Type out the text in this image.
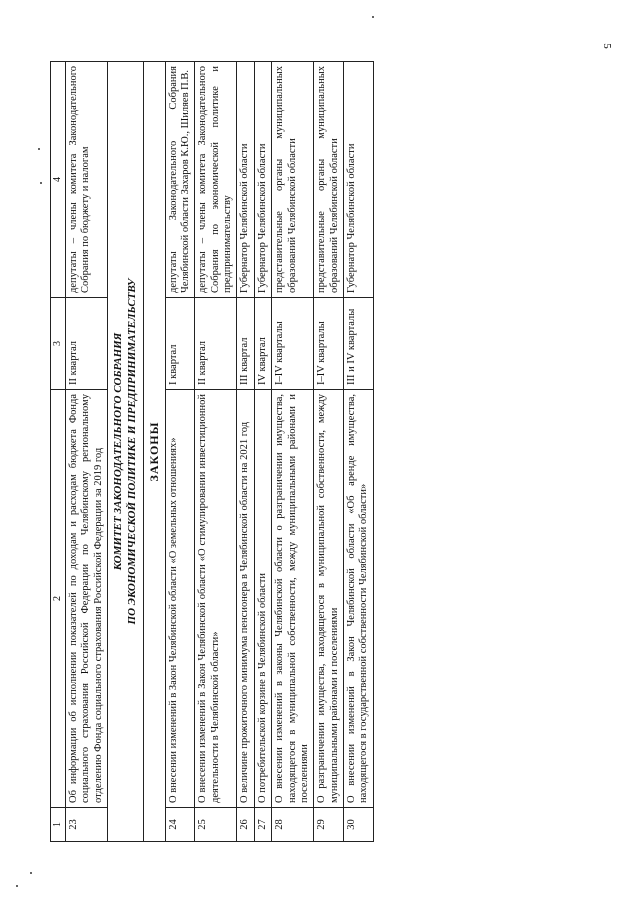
1	2	3	4
23	Об информации об исполнении показателей по доходам и расходам бюджета Фонда социального страхования Российской Федерации по Челябинскому региональному отделению Фонда социального страхования Российской Федерации за 2019 год	II квартал	депутаты – члены комитета Законодательного Собрания по бюджету и налогам

КОМИТЕТ ЗАКОНОДАТЕЛЬНОГО СОБРАНИЯ ПО ЭКОНОМИЧЕСКОЙ ПОЛИТИКЕ И ПРЕДПРИНИМАТЕЛЬСТВУ			

ЗАКОНЫ			
24	О внесении изменений в Закон Челябинской области «О земельных отношениях»	I квартал	депутаты Законодательного Собрания Челябинской области Захаров К.Ю., Шиляев П.В.
25	О внесении изменений в Закон Челябинской области «О стимулировании инвестиционной деятельности в Челябинской области»	II квартал	депутаты – члены комитета Законодательного Собрания по экономической политике и предпринимательству
26	О величине прожиточного минимума пенсионера в Челябинской области на 2021 год	III квартал	Губернатор Челябинской области
27	О потребительской корзине в Челябинской области	IV квартал	Губернатор Челябинской области
28	О внесении изменений в законы Челябинской области о разграничении имущества, находящегося в муниципальной собственности, между муниципальными районами и поселениями	I–IV кварталы	представительные органы муниципальных образований Челябинской области
29	О разграничении имущества, находящегося в муниципальной собственности, между муниципальными районами и поселениями	I–IV кварталы	представительные органы муниципальных образований Челябинской области
30	О внесении изменений в Закон Челябинской области «Об аренде имущества, находящегося в государственной собственности Челябинской области»	III и IV кварталы	Губернатор Челябинской области
5
